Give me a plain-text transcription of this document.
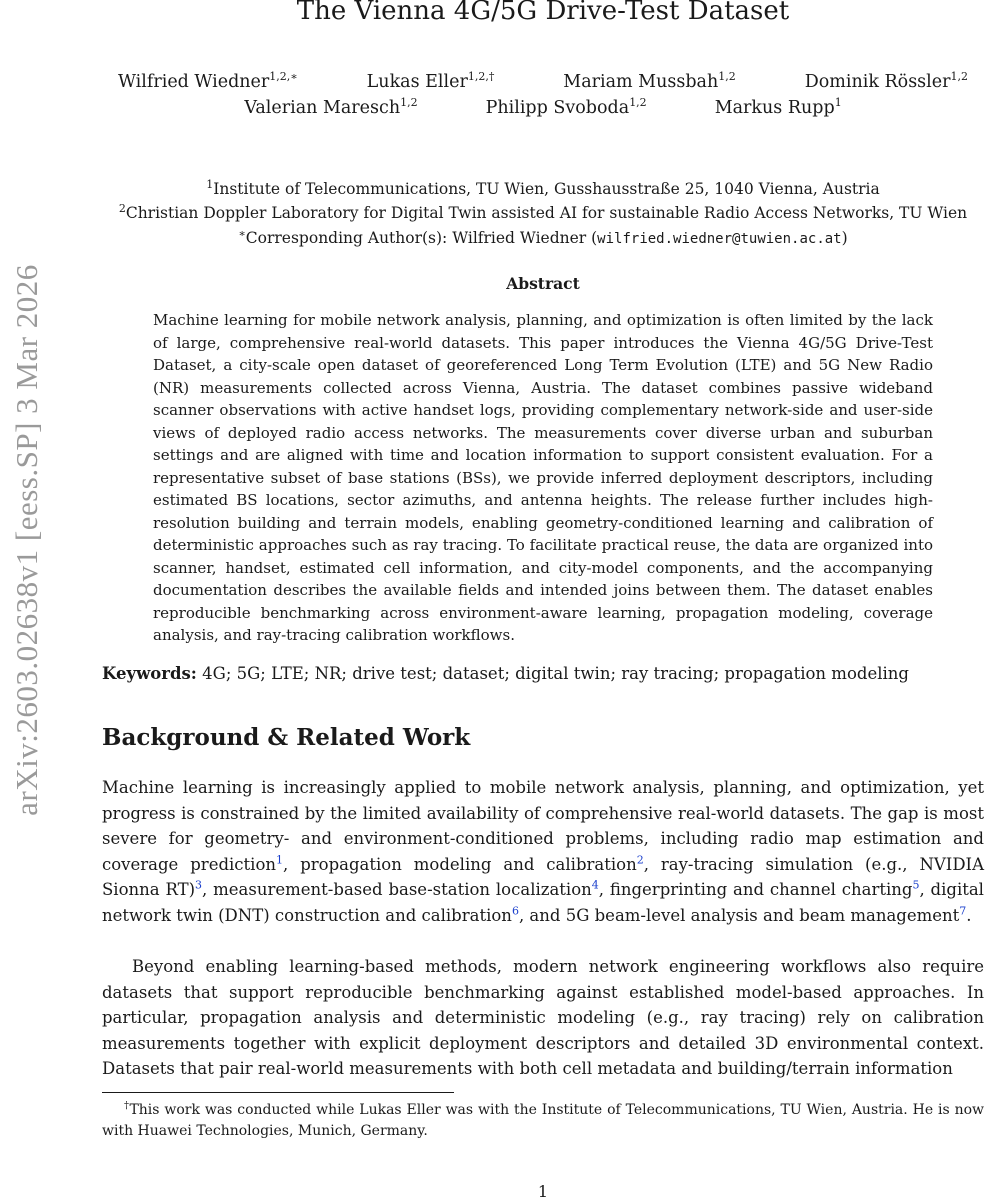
arXiv:2603.02638v1 [eess.SP] 3 Mar 2026
The Vienna 4G/5G Drive-Test Dataset
Wilfried Wiedner$^{1,2,∗}$	Lukas Eller$^{1,2,\dagger}$	Mariam Mussbah$^{1,2}$	Dominik Rössler$^{1,2}$
Valerian Maresch$^{1,2}$	Philipp Svoboda$^{1,2}$	Markus Rupp$^1$
$^1$Institute of Telecommunications, TU Wien, Gusshausstraße 25, 1040 Vienna, Austria
$^2$Christian Doppler Laboratory for Digital Twin assisted AI for sustainable Radio Access Networks, TU Wien
∗Corresponding Author(s): Wilfried Wiedner (wilfried.wiedner@tuwien.ac.at)
Abstract

Machine learning for mobile network analysis, planning, and optimization is often limited by the lack of large, comprehensive real-world datasets. This paper introduces the Vienna 4G/5G Drive-Test Dataset, a city-scale open dataset of georeferenced Long Term Evolution (LTE) and 5G New Radio (NR) measurements collected across Vienna, Austria. The dataset combines passive wideband scanner observations with active handset logs, providing complementary network-side and user-side views of deployed radio access networks. The measurements cover diverse urban and suburban settings and are aligned with time and location information to support consistent evaluation. For a representative subset of base stations (BSs), we provide inferred deployment descriptors, including estimated BS locations, sector azimuths, and antenna heights. The release further includes high-resolution building and terrain models, enabling geometry-conditioned learning and calibration of deterministic approaches such as ray tracing. To facilitate practical reuse, the data are organized into scanner, handset, estimated cell information, and city-model components, and the accompanying documentation describes the available fields and intended joins between them. The dataset enables reproducible benchmarking across environment-aware learning, propagation modeling, coverage analysis, and ray-tracing calibration workflows.

Keywords: 4G; 5G; LTE; NR; drive test; dataset; digital twin; ray tracing; propagation modeling

Background & Related Work

Machine learning is increasingly applied to mobile network analysis, planning, and optimization, yet progress is constrained by the limited availability of comprehensive real-world datasets. The gap is most severe for geometry- and environment-conditioned problems, including radio map estimation and coverage prediction$^1$, propagation modeling and calibration$^2$, ray-tracing simulation (e.g., NVIDIA Sionna RT)$^3$, measurement-based base-station localization$^4$, fingerprinting and channel charting$^5$, digital network twin (DNT) construction and calibration$^6$, and 5G beam-level analysis and beam management$^7$.

Beyond enabling learning-based methods, modern network engineering workflows also require datasets that support reproducible benchmarking against established model-based approaches. In particular, propagation analysis and deterministic modeling (e.g., ray tracing) rely on calibration measurements together with explicit deployment descriptors and detailed 3D environmental context. Datasets that pair real-world measurements with both cell metadata and building/terrain information

†This work was conducted while Lukas Eller was with the Institute of Telecommunications, TU Wien, Austria. He is now with Huawei Technologies, Munich, Germany.

1
